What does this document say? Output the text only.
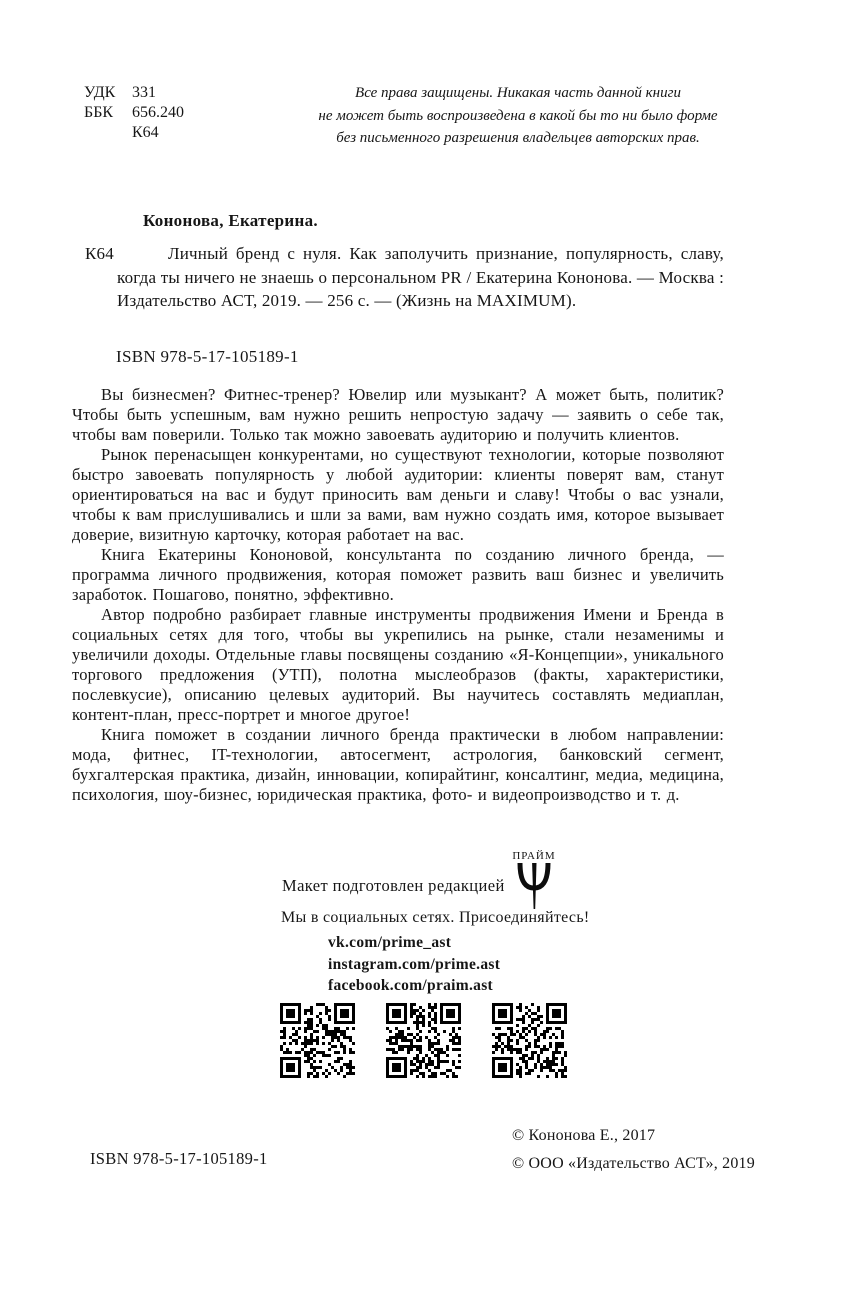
УДК	331
ББК	656.240
К64
Все права защищены. Никакая часть данной книги
не может быть воспроизведена в какой бы то ни было форме
без письменного разрешения владельцев авторских прав.
Кононова, Екатерина.
К64	Личный бренд с нуля. Как заполучить признание, популярность, славу, когда ты ничего не знаешь о персональном PR / Екатерина Кононова. — Москва : Издательство АСТ, 2019. — 256 с. — (Жизнь на MAXIMUM).
ISBN 978-5-17-105189-1

Вы бизнесмен? Фитнес-тренер? Ювелир или музыкант? А может быть, политик? Чтобы быть успешным, вам нужно решить непростую задачу — заявить о себе так, чтобы вам поверили. Только так можно завоевать аудиторию и получить клиентов.

Рынок перенасыщен конкурентами, но существуют технологии, которые позволяют быстро завоевать популярность у любой аудитории: клиенты поверят вам, станут ориентироваться на вас и будут приносить вам деньги и славу! Чтобы о вас узнали, чтобы к вам прислушивались и шли за вами, вам нужно создать имя, которое вызывает доверие, визитную карточку, которая работает на вас.

Книга Екатерины Кононовой, консультанта по созданию личного бренда, — программа личного продвижения, которая поможет развить ваш бизнес и увеличить заработок. Пошагово, понятно, эффективно.

Автор подробно разбирает главные инструменты продвижения Имени и Бренда в социальных сетях для того, чтобы вы укрепились на рынке, стали незаменимы и увеличили доходы. Отдельные главы посвящены созданию «Я-Концепции», уникального торгового предложения (УТП), полотна мыслеобразов (факты, характеристики, послевкусие), описанию целевых аудиторий. Вы научитесь составлять медиаплан, контент-план, пресс-портрет и многое другое!

Книга поможет в создании личного бренда практически в любом направлении: мода, фитнес, IT-технологии, автосегмент, астрология, банковский сегмент, бухгалтерская практика, дизайн, инновации, копирайтинг, консалтинг, медиа, медицина, психология, шоу-бизнес, юридическая практика, фото- и видеопроизводство и т. д.

Макет подготовлен редакцией
ПРАЙМ
Мы в социальных сетях. Присоединяйтесь!
vk.com/prime_ast
instagram.com/prime.ast
facebook.com/praim.ast
ISBN 978-5-17-105189-1
© Кононова Е., 2017
© ООО «Издательство АСТ», 2019
